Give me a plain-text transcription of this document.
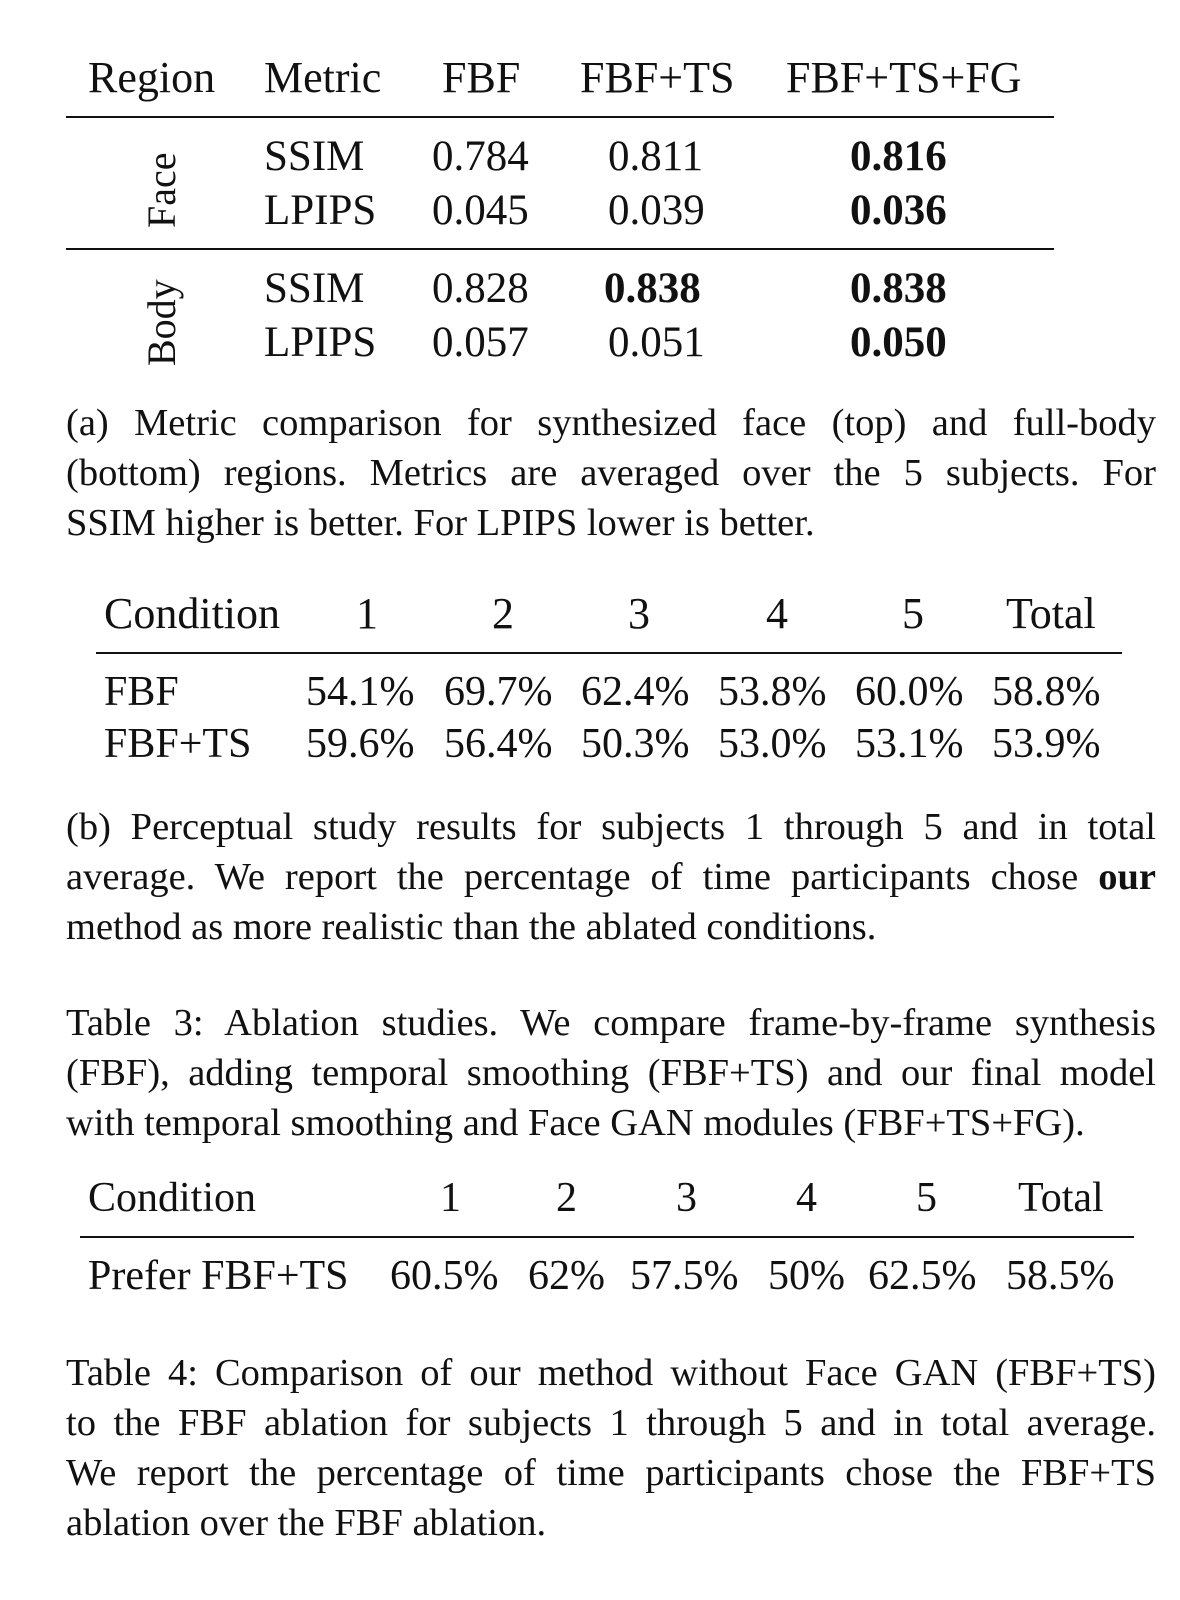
Region Metric FBF FBF+TS FBF+TS+FG
Face SSIM 0.784 0.811	0.816
LPIPS 0.045 0.039	0.036
Body SSIM 0.828 0.838	0.838
LPIPS 0.057 0.051	0.050
(a) Metric comparison for synthesized face (top) and full-body
(bottom) regions. Metrics are averaged over the 5 subjects. For
SSIM higher is better. For LPIPS lower is better.
Condition 1	2	3	4	5 Total
FBF	54.1% 69.7% 62.4% 53.8% 60.0% 58.8%
FBF+TS 59.6% 56.4% 50.3% 53.0% 53.1% 53.9%
(b) Perceptual study results for subjects 1 through 5 and in total
average. We report the percentage of time participants chose our
method as more realistic than the ablated conditions.
Table 3: Ablation studies. We compare frame-by-frame synthesis
(FBF), adding temporal smoothing (FBF+TS) and our final model
with temporal smoothing and Face GAN modules (FBF+TS+FG).
Condition	1 2 3 4 5 Total
Prefer FBF+TS 60.5% 62% 57.5% 50% 62.5% 58.5%
Table 4: Comparison of our method without Face GAN (FBF+TS)
to the FBF ablation for subjects 1 through 5 and in total average.
We report the percentage of time participants chose the FBF+TS
ablation over the FBF ablation.
